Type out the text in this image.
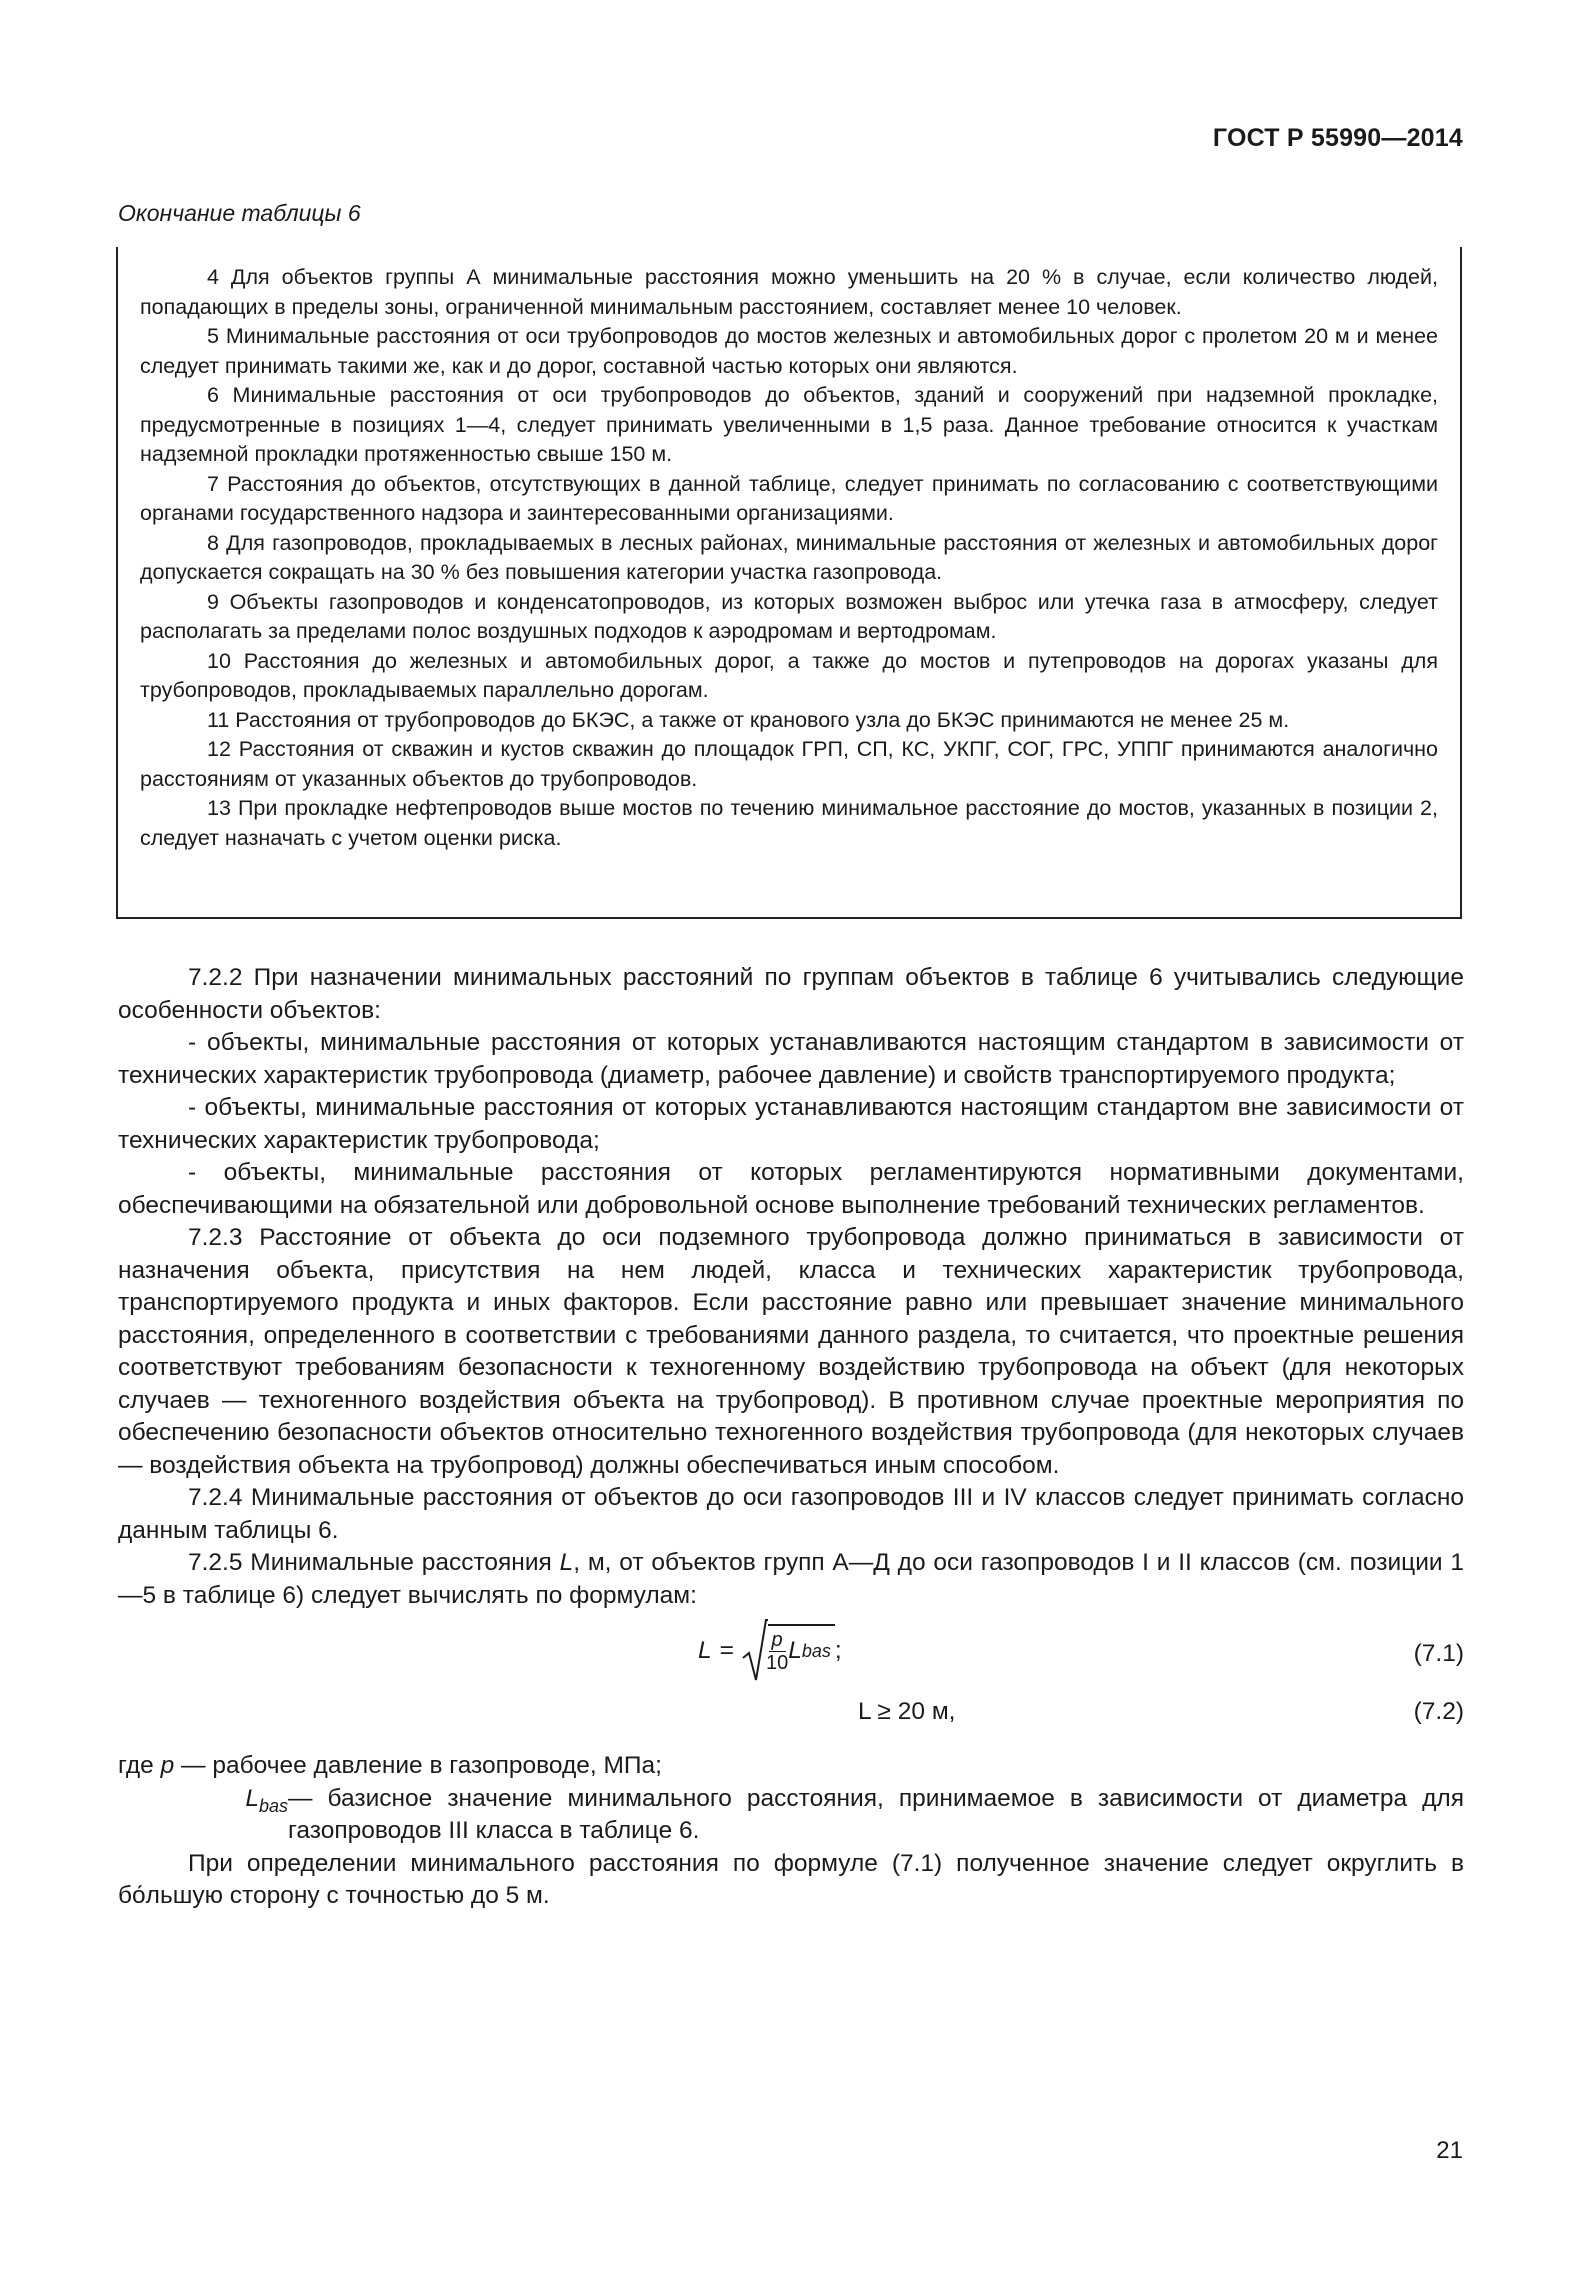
ГОСТ Р 55990—2014
Окончание таблицы 6

4 Для объектов группы А минимальные расстояния можно уменьшить на 20 % в случае, если количество людей, попадающих в пределы зоны, ограниченной минимальным расстоянием, составляет менее 10 человек.

5 Минимальные расстояния от оси трубопроводов до мостов железных и автомобильных дорог с пролетом 20 м и менее следует принимать такими же, как и до дорог, составной частью которых они являются.

6 Минимальные расстояния от оси трубопроводов до объектов, зданий и сооружений при надземной прокладке, предусмотренные в позициях 1—4, следует принимать увеличенными в 1,5 раза. Данное требование относится к участкам надземной прокладки протяженностью свыше 150 м.

7 Расстояния до объектов, отсутствующих в данной таблице, следует принимать по согласованию с соответствующими органами государственного надзора и заинтересованными организациями.

8 Для газопроводов, прокладываемых в лесных районах, минимальные расстояния от железных и автомобильных дорог допускается сокращать на 30 % без повышения категории участка газопровода.

9 Объекты газопроводов и конденсатопроводов, из которых возможен выброс или утечка газа в атмосферу, следует располагать за пределами полос воздушных подходов к аэродромам и вертодромам.

10 Расстояния до железных и автомобильных дорог, а также до мостов и путепроводов на дорогах указаны для трубопроводов, прокладываемых параллельно дорогам.

11 Расстояния от трубопроводов до БКЭС, а также от кранового узла до БКЭС принимаются не менее 25 м.

12 Расстояния от скважин и кустов скважин до площадок ГРП, СП, КС, УКПГ, СОГ, ГРС, УППГ принимаются аналогично расстояниям от указанных объектов до трубопроводов.

13 При прокладке нефтепроводов выше мостов по течению минимальное расстояние до мостов, указанных в позиции 2, следует назначать с учетом оценки риска.

7.2.2 При назначении минимальных расстояний по группам объектов в таблице 6 учитывались следующие особенности объектов:

- объекты, минимальные расстояния от которых устанавливаются настоящим стандартом в зависимости от технических характеристик трубопровода (диаметр, рабочее давление) и свойств транспортируемого продукта;

- объекты, минимальные расстояния от которых устанавливаются настоящим стандартом вне зависимости от технических характеристик трубопровода;

- объекты, минимальные расстояния от которых регламентируются нормативными документами, обеспечивающими на обязательной или добровольной основе выполнение требований технических регламентов.

7.2.3 Расстояние от объекта до оси подземного трубопровода должно приниматься в зависимости от назначения объекта, присутствия на нем людей, класса и технических характеристик трубопровода, транспортируемого продукта и иных факторов. Если расстояние равно или превышает значение минимального расстояния, определенного в соответствии с требованиями данного раздела, то считается, что проектные решения соответствуют требованиям безопасности к техногенному воздействию трубопровода на объект (для некоторых случаев — техногенного воздействия объекта на трубопровод). В противном случае проектные мероприятия по обеспечению безопасности объектов относительно техногенного воздействия трубопровода (для некоторых случаев — воздействия объекта на трубопровод) должны обеспечиваться иным способом.

7.2.4 Минимальные расстояния от объектов до оси газопроводов III и IV классов следует принимать согласно данным таблицы 6.

7.2.5 Минимальные расстояния L, м, от объектов групп А—Д до оси газопроводов I и II классов (см. позиции 1—5 в таблице 6) следует вычислять по формулам:

$L = \frac{p}{10}$ L bas ;	(7.1)
L ≥ 20 м,	(7.2)

где p — рабочее давление в газопроводе, МПа;

$L_{bas}$ — базисное значение минимального расстояния, принимаемое в зависимости от диаметра для газопроводов III класса в таблице 6.

При определении минимального расстояния по формуле (7.1) полученное значение следует округлить в бо́льшую сторону с точностью до 5 м.

21
